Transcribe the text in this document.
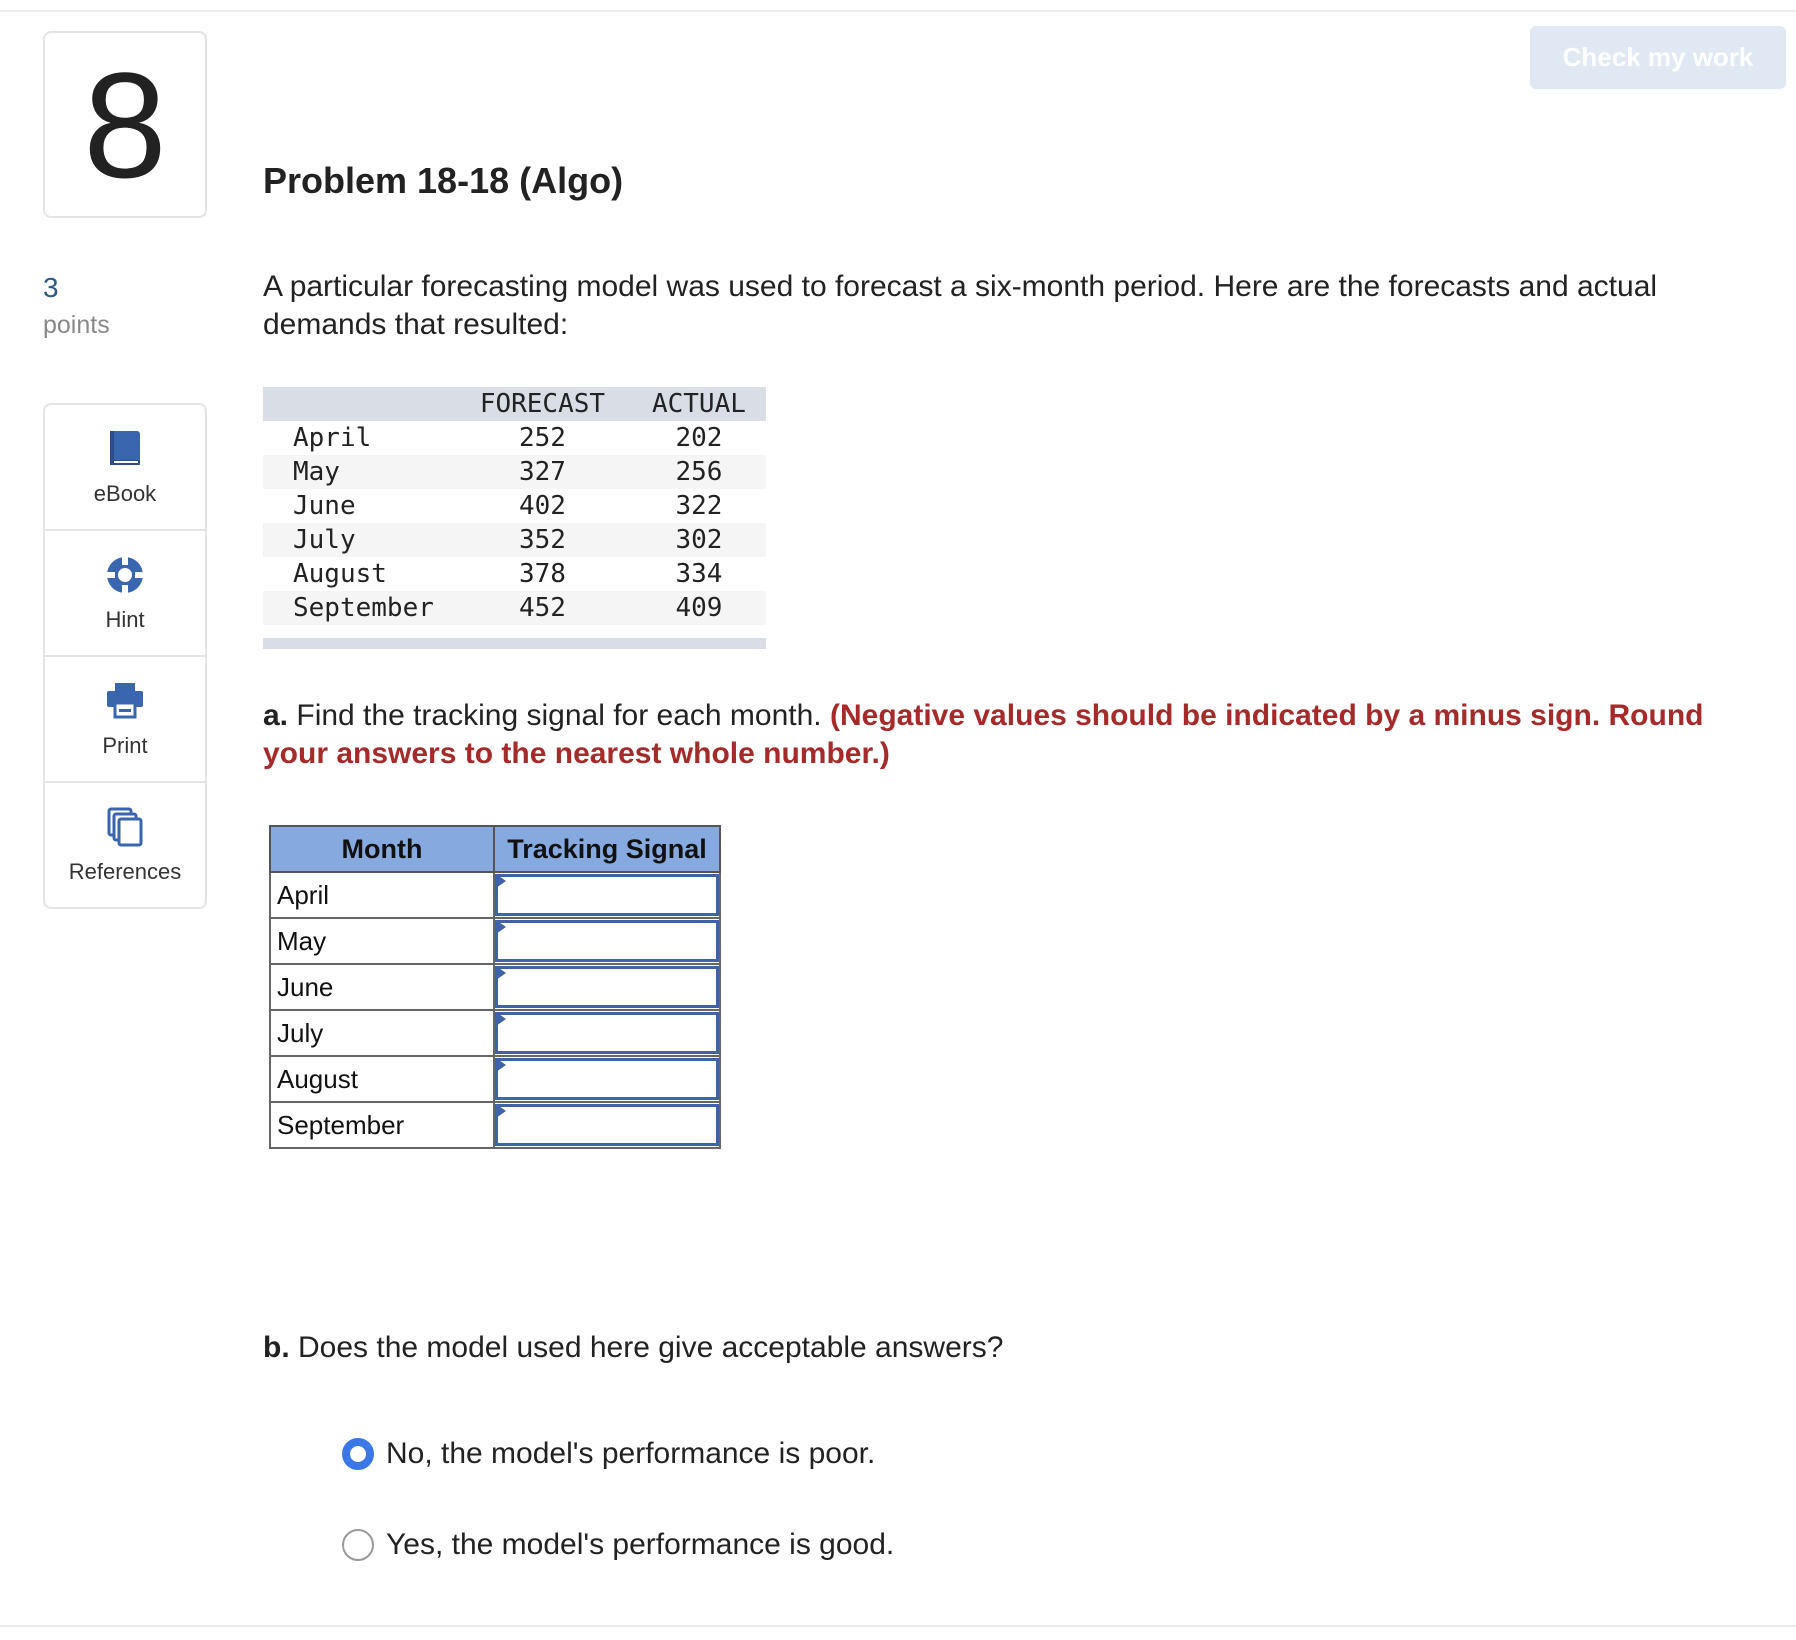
8	Check my work
Problem 18-18 (Algo)
3
points
eBook
Hint
Print
References

A particular forecasting model was used to forecast a six-month period. Here are the forecasts and actual demands that resulted:

	FORECAST	ACTUAL
April	252	202
May	327	256
June	402	322
July	352	302
August	378	334
September	452	409

a. Find the tracking signal for each month. (Negative values should be indicated by a minus sign. Round your answers to the nearest whole number.)

Month	Tracking Signal
April	

May	

June	

July	

August	

September	

b. Does the model used here give acceptable answers?

No, the model's performance is poor.
Yes, the model's performance is good.
